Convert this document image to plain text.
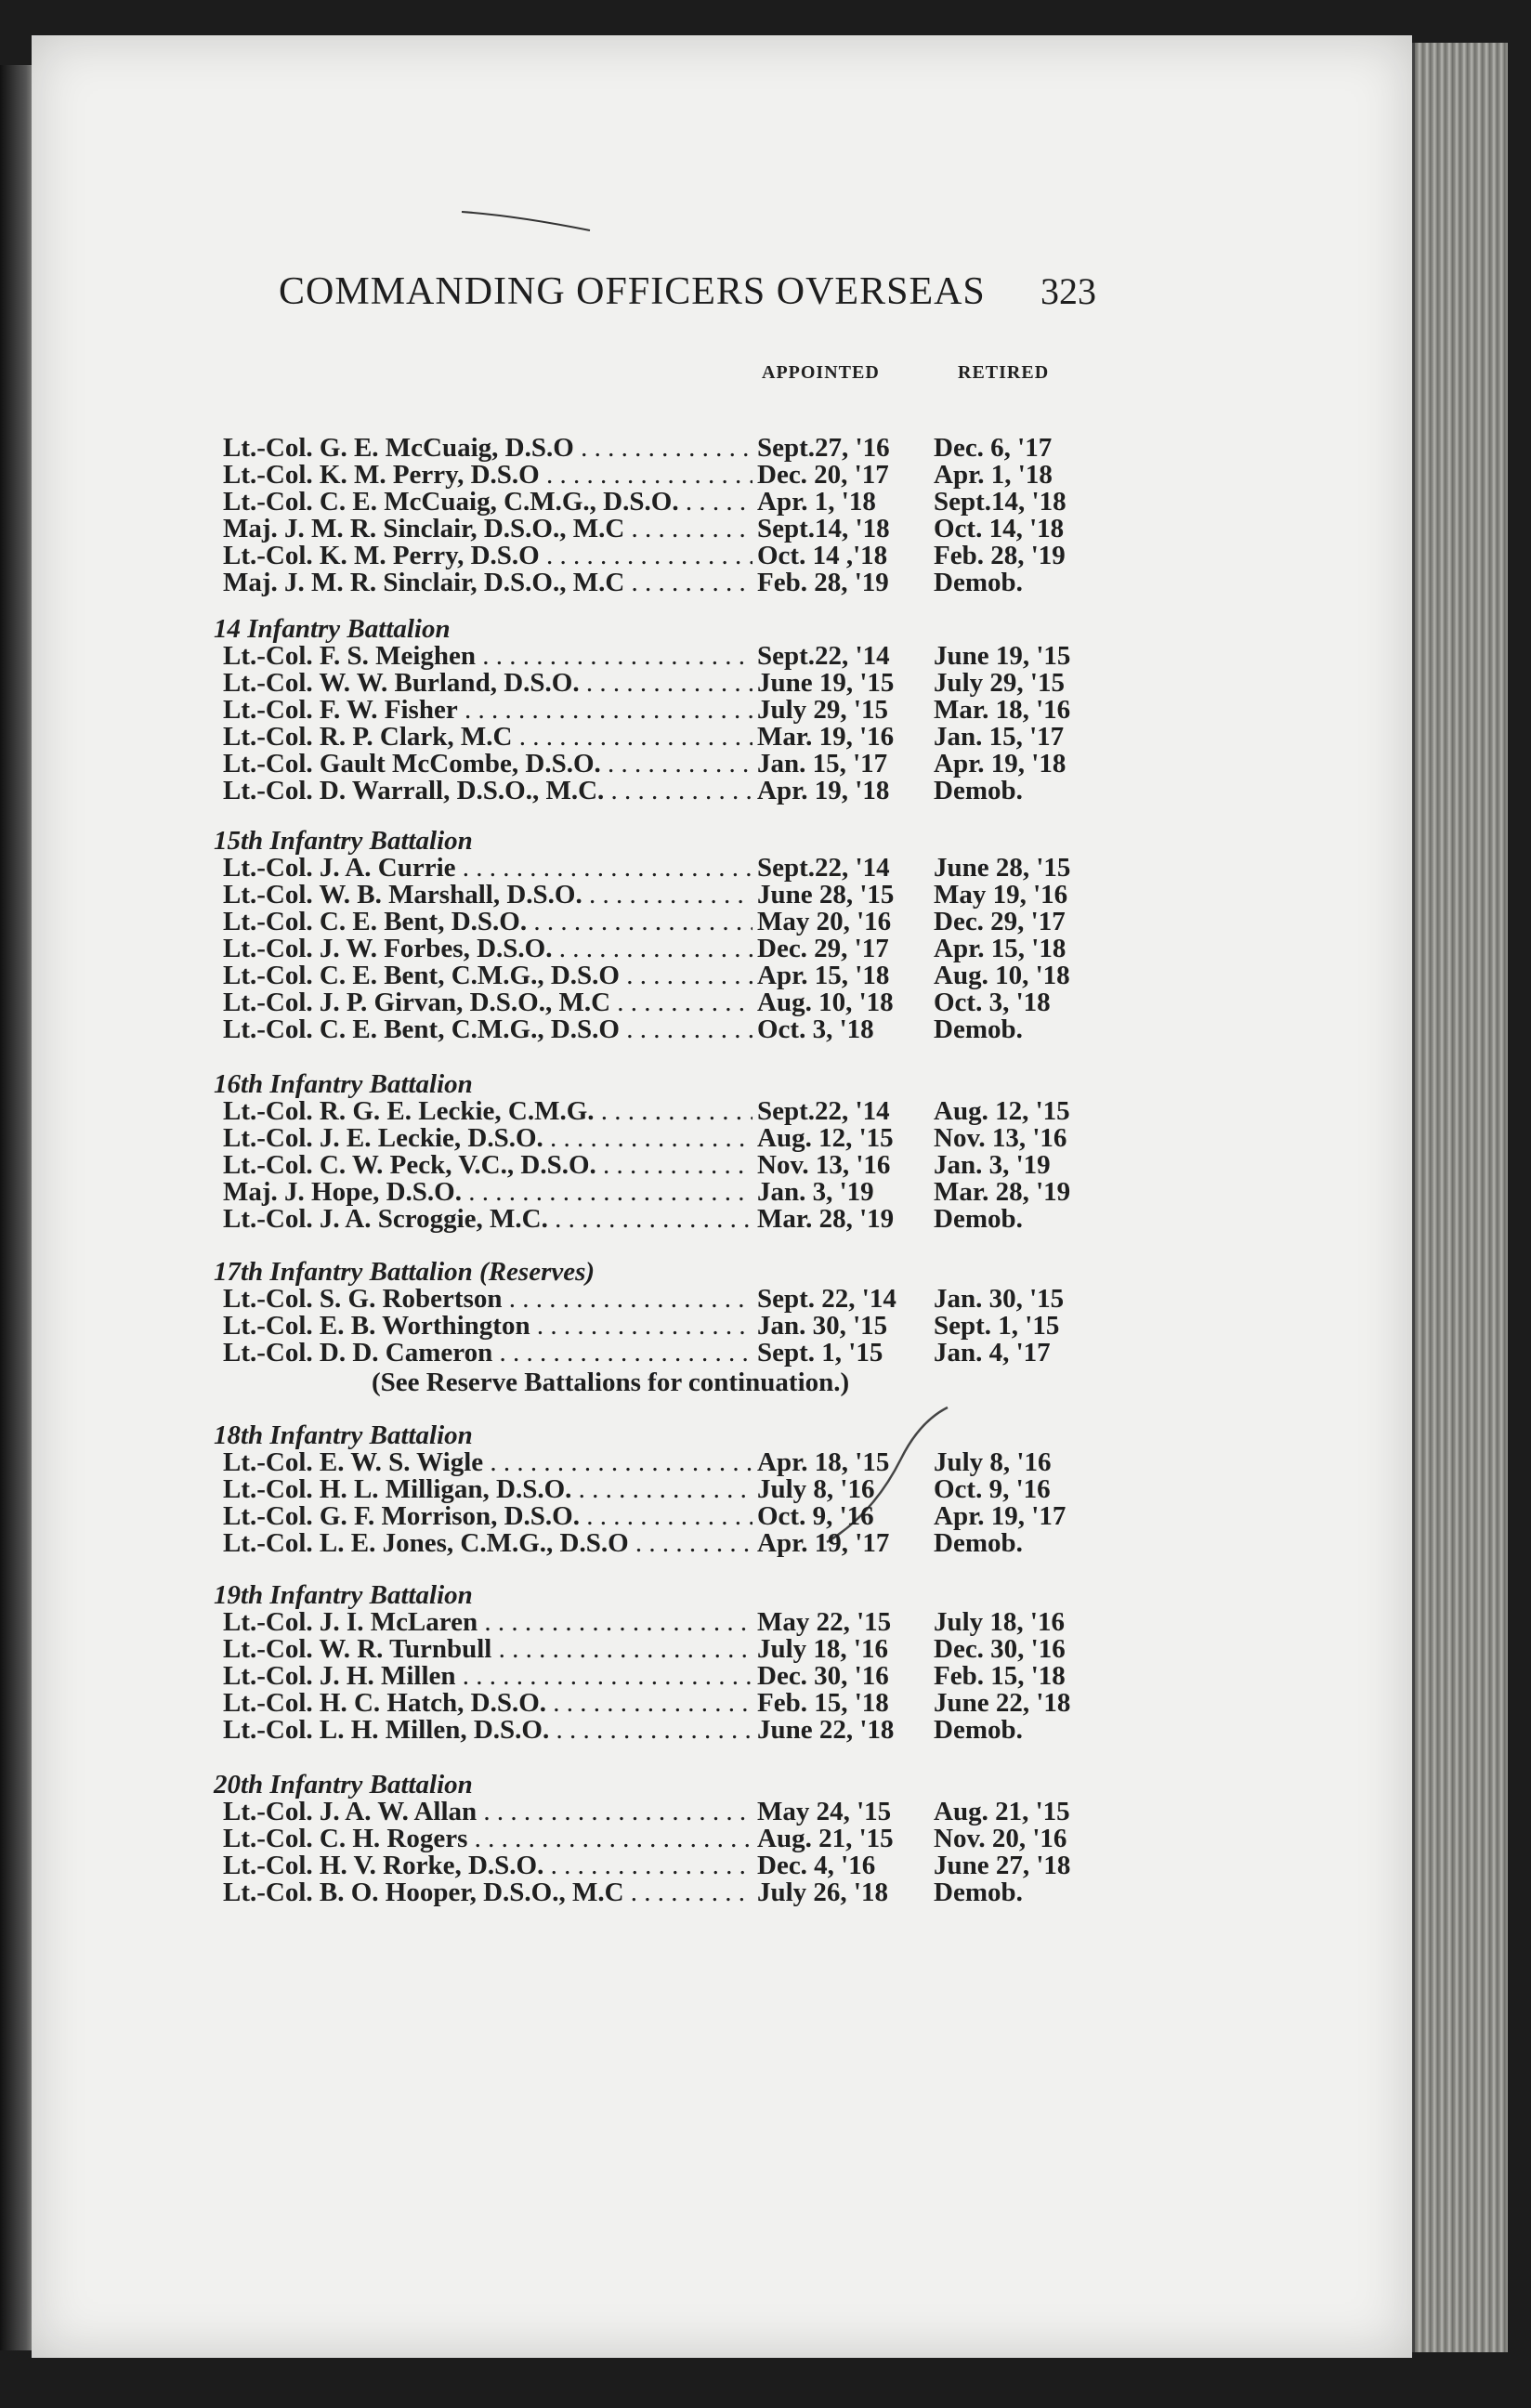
COMMANDING OFFICERS OVERSEAS 323
APPOINTED	RETIRED
Lt.-Col. G. E. McCuaig, D.S.O . . .	Sept.27, '16 Dec. 6, '17
Lt.-Col. K. M. Perry, D.S.O . . .	Dec. 20, '17 Apr. 1, '18
Lt.-Col. C. E. McCuaig, C.M.G., D.S.O. . . .	Apr. 1, '18 Sept.14, '18
Maj. J. M. R. Sinclair, D.S.O., M.C . . .	Sept.14, '18 Oct. 14, '18
Lt.-Col. K. M. Perry, D.S.O . . .	Oct. 14 ,'18 Feb. 28, '19
Maj. J. M. R. Sinclair, D.S.O., M.C . . .	Feb. 28, '19 Demob.
14 Infantry Battalion
Lt.-Col. F. S. Meighen . . .	Sept.22, '14 June 19, '15
Lt.-Col. W. W. Burland, D.S.O. . . .	June 19, '15 July 29, '15
Lt.-Col. F. W. Fisher . . .	July 29, '15 Mar. 18, '16
Lt.-Col. R. P. Clark, M.C . . .	Mar. 19, '16 Jan. 15, '17
Lt.-Col. Gault McCombe, D.S.O. . . .	Jan. 15, '17 Apr. 19, '18
Lt.-Col. D. Warrall, D.S.O., M.C. . . .	Apr. 19, '18 Demob.
15th Infantry Battalion
Lt.-Col. J. A. Currie . . .	Sept.22, '14 June 28, '15
Lt.-Col. W. B. Marshall, D.S.O. . . .	June 28, '15 May 19, '16
Lt.-Col. C. E. Bent, D.S.O. . . .	May 20, '16 Dec. 29, '17
Lt.-Col. J. W. Forbes, D.S.O. . . .	Dec. 29, '17 Apr. 15, '18
Lt.-Col. C. E. Bent, C.M.G., D.S.O . . .	Apr. 15, '18 Aug. 10, '18
Lt.-Col. J. P. Girvan, D.S.O., M.C . . .	Aug. 10, '18 Oct. 3, '18
Lt.-Col. C. E. Bent, C.M.G., D.S.O . . .	Oct. 3, '18 Demob.
16th Infantry Battalion
Lt.-Col. R. G. E. Leckie, C.M.G. . . .	Sept.22, '14 Aug. 12, '15
Lt.-Col. J. E. Leckie, D.S.O. . . .	Aug. 12, '15 Nov. 13, '16
Lt.-Col. C. W. Peck, V.C., D.S.O. . . .	Nov. 13, '16 Jan. 3, '19
Maj. J. Hope, D.S.O. . . .	Jan. 3, '19 Mar. 28, '19
Lt.-Col. J. A. Scroggie, M.C. . . .	Mar. 28, '19 Demob.
17th Infantry Battalion (Reserves)
Lt.-Col. S. G. Robertson . . .	Sept. 22, '14 Jan. 30, '15
Lt.-Col. E. B. Worthington . . .	Jan. 30, '15 Sept. 1, '15
Lt.-Col. D. D. Cameron . . .	Sept. 1, '15 Jan. 4, '17
18th Infantry Battalion
Lt.-Col. E. W. S. Wigle . . .	Apr. 18, '15 July 8, '16
Lt.-Col. H. L. Milligan, D.S.O. . . .	July 8, '16 Oct. 9, '16
Lt.-Col. G. F. Morrison, D.S.O. . . .	Oct. 9, '16 Apr. 19, '17
Lt.-Col. L. E. Jones, C.M.G., D.S.O . . .	Apr. 19, '17 Demob.
19th Infantry Battalion
Lt.-Col. J. I. McLaren . . .	May 22, '15 July 18, '16
Lt.-Col. W. R. Turnbull . . .	July 18, '16 Dec. 30, '16
Lt.-Col. J. H. Millen . . .	Dec. 30, '16 Feb. 15, '18
Lt.-Col. H. C. Hatch, D.S.O. . . .	Feb. 15, '18 June 22, '18
Lt.-Col. L. H. Millen, D.S.O. . . .	June 22, '18 Demob.
20th Infantry Battalion
Lt.-Col. J. A. W. Allan . . .	May 24, '15 Aug. 21, '15
Lt.-Col. C. H. Rogers . . .	Aug. 21, '15 Nov. 20, '16
Lt.-Col. H. V. Rorke, D.S.O. . . .	Dec. 4, '16 June 27, '18
Lt.-Col. B. O. Hooper, D.S.O., M.C . . .	July 26, '18 Demob.
(See Reserve Battalions for continuation.)
